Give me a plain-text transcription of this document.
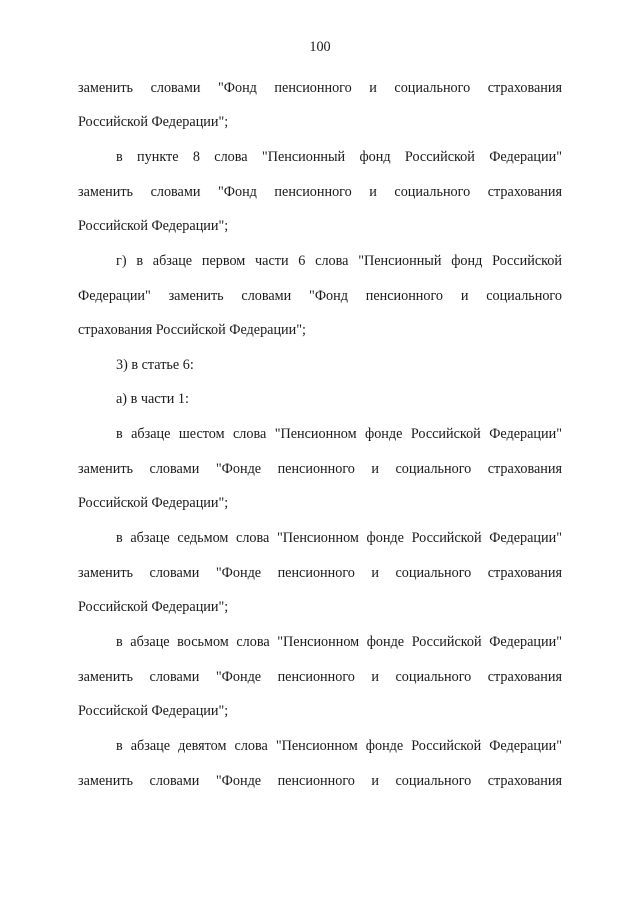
100
заменить словами "Фонд пенсионного и социального страхования
Российской Федерации";
в пункте 8 слова "Пенсионный фонд Российской Федерации"
заменить словами "Фонд пенсионного и социального страхования
Российской Федерации";
г) в абзаце первом части 6 слова "Пенсионный фонд Российской
Федерации" заменить словами "Фонд пенсионного и социального
страхования Российской Федерации";
3) в статье 6:
а) в части 1:
в абзаце шестом слова "Пенсионном фонде Российской Федерации"
заменить словами "Фонде пенсионного и социального страхования
Российской Федерации";
в абзаце седьмом слова "Пенсионном фонде Российской Федерации"
заменить словами "Фонде пенсионного и социального страхования
Российской Федерации";
в абзаце восьмом слова "Пенсионном фонде Российской Федерации"
заменить словами "Фонде пенсионного и социального страхования
Российской Федерации";
в абзаце девятом слова "Пенсионном фонде Российской Федерации"
заменить словами "Фонде пенсионного и социального страхования
